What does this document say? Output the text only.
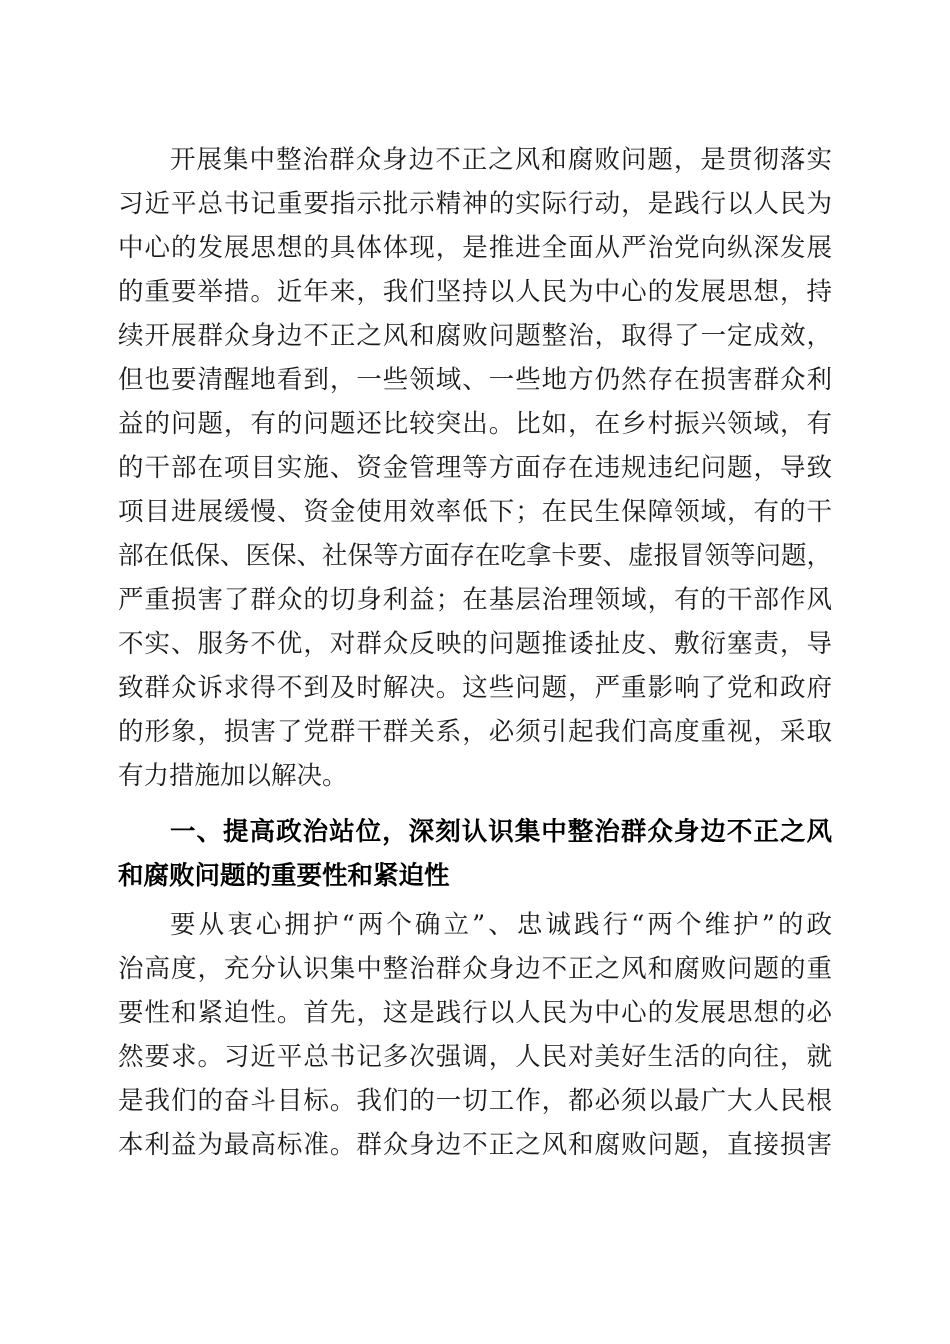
开展集中整治群众身边不正之风和腐败问题，是贯彻落实
习近平总书记重要指示批示精神的实际行动，是践行以人民为
中心的发展思想的具体体现，是推进全面从严治党向纵深发展
的重要举措。近年来，我们坚持以人民为中心的发展思想，持
续开展群众身边不正之风和腐败问题整治，取得了一定成效，
但也要清醒地看到，一些领域、一些地方仍然存在损害群众利
益的问题，有的问题还比较突出。比如，在乡村振兴领域，有
的干部在项目实施、资金管理等方面存在违规违纪问题，导致
项目进展缓慢、资金使用效率低下；在民生保障领域，有的干
部在低保、医保、社保等方面存在吃拿卡要、虚报冒领等问题，
严重损害了群众的切身利益；在基层治理领域，有的干部作风
不实、服务不优，对群众反映的问题推诿扯皮、敷衍塞责，导
致群众诉求得不到及时解决。这些问题，严重影响了党和政府
的形象，损害了党群干群关系，必须引起我们高度重视，采取
有力措施加以解决。
一、提高政治站位，深刻认识集中整治群众身边不正之风
和腐败问题的重要性和紧迫性
要从衷心拥护“两个确立”、忠诚践行“两个维护”的政
治高度，充分认识集中整治群众身边不正之风和腐败问题的重
要性和紧迫性。首先，这是践行以人民为中心的发展思想的必
然要求。习近平总书记多次强调，人民对美好生活的向往，就
是我们的奋斗目标。我们的一切工作，都必须以最广大人民根
本利益为最高标准。群众身边不正之风和腐败问题，直接损害
